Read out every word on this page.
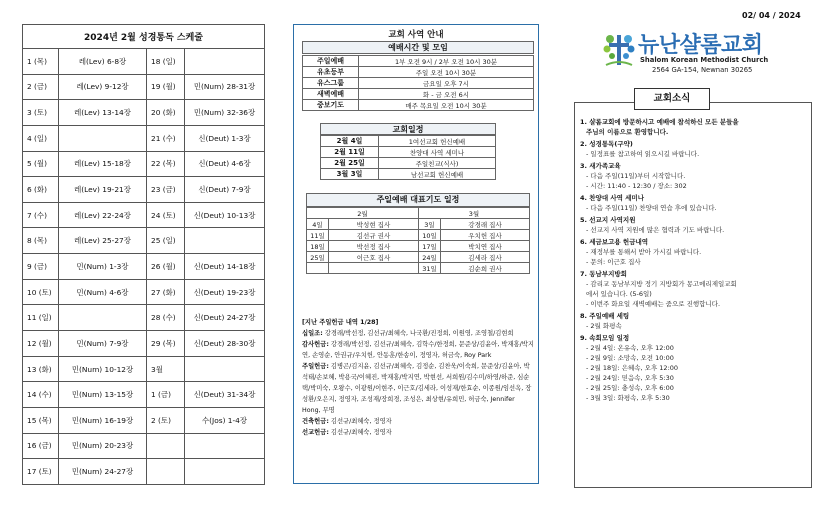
2024년 2월 성경통독 스케줄			
1 (목)	레(Lev) 6-8장	18 (일)	
2 (금)	레(Lev) 9-12장	19 (월)	민(Num) 28-31장
3 (토)	레(Lev) 13-14장	20 (화)	민(Num) 32-36장
4 (일)		21 (수)	신(Deut) 1-3장
5 (월)	레(Lev) 15-18장	22 (목)	신(Deut) 4-6장
6 (화)	레(Lev) 19-21장	23 (금)	신(Deut) 7-9장
7 (수)	레(Lev) 22-24장	24 (토)	신(Deut) 10-13장
8 (목)	레(Lev) 25-27장	25 (일)	
9 (금)	민(Num) 1-3장	26 (월)	신(Deut) 14-18장
10 (토)	민(Num) 4-6장	27 (화)	신(Deut) 19-23장
11 (일)		28 (수)	신(Deut) 24-27장
12 (월)	민(Num) 7-9장	29 (목)	신(Deut) 28-30장
13 (화)	민(Num) 10-12장	3월	
14 (수)	민(Num) 13-15장	1 (금)	신(Deut) 31-34장
15 (목)	민(Num) 16-19장	2 (토)	수(Jos) 1-4장
16 (금)	민(Num) 20-23장		
17 (토)	민(Num) 24-27장		
교회 사역 안내
예배시간 및 모임
주일예배	1부 오전 9시 / 2부 오전 10시 30분
유초등부	주일 오전 10시 30분
유스그룹	금요일 오후 7시
새벽예배	화 - 금 오전 6시
중보기도	매주 목요일 오전 10시 30분
교회일정
2월 4일	1여선교회 헌신예배
2월 11일	찬양대 사역 세미나
2월 25일	주일친교(식사)
3월 3일	남선교회 헌신예배
주일예배 대표기도 일정
2월		3월	
4일	박성현 집사	3일	강경래 집사
11일	김선규 권사	10일	우치헌 집사
18일	박선정 집사	17일	박치연 집사
25일	이근호 집사	24일	김세라 집사
		31일	김순희 권사
[지난 주일헌금 내역 1/28]
십일조: 강경래/박선정, 김선규/최혜숙, 나국환/진정희, 이원영, 조영철/김현희
감사헌금: 강경래/박선정, 김선규/최혜숙, 김학수/한정희, 문준상/김윤아, 박재홍/박지연, 손영순, 안권규/우치헌, 안동훈/한송이, 정영자, 허금숙, Roy Park
주일헌금: 김병곤/김지윤, 김선규/최혜숙, 김정순, 김찬욱/이숙희, 문준상/김윤아, 박석태/손보혜, 박용국/이혜진, 박재홍/박지연, 박현선, 서희원/김수미/하영/하준, 심순택/박미숙, 오왕수, 이광원/이현주, 이근호/김세라, 이성재/한효순, 이종원/임선옥, 장성환/오은지, 정영자, 조성재/장희경, 조성은, 최상현/유희민, 허금숙, Jennifer Hong, 무명
건축헌금: 김선규/최혜숙, 정영자
선교헌금: 김선규/최혜숙, 정영자
02/ 04 / 2024
뉴난샬롬교회
Shalom Korean Methodist Church
2564 GA-154, Newnan 30265
교회소식
1. 샬롬교회에 방문하시고 예배에 참석하신 모든 분들을
주님의 이름으로 환영합니다.
2. 성경통독(구약)
- 일정표를 참고하여 읽으시길 바랍니다.
3. 새가족교육
- 다음 주일(11일)부터 시작합니다.
- 시간: 11:40 - 12:30 / 장소: 302
4. 찬양대 사역 세미나
- 다음 주일(11일) 찬양대 연습 후에 있습니다.
5. 선교지 사역지원
- 선교지 사역 지원에 많은 협력과 기도 바랍니다.
6. 세금보고용 헌금내역
- 재정부를 통해서 받아 가시길 바랍니다.
- 문의: 이근호 집사
7. 동남부지방회
- 감리교 동남부지방 정기 지방회가 몽고메리제일교회
에서 있습니다. (5-6일)
- 이번주 화요일 새벽예배는 줌으로 진행합니다.
8. 주일예배 세팅
- 2월 화평속
9. 속회모임 일정
- 2월 4일: 온유속, 오후 12:00
- 2월 9일: 소망속, 오전 10:00
- 2월 18일: 은혜속, 오후 12:00
- 2월 24일: 믿음속, 오후 5:30
- 2월 25일: 충성속, 오후 6:00
- 3월 3일: 화평속, 오후 5:30
